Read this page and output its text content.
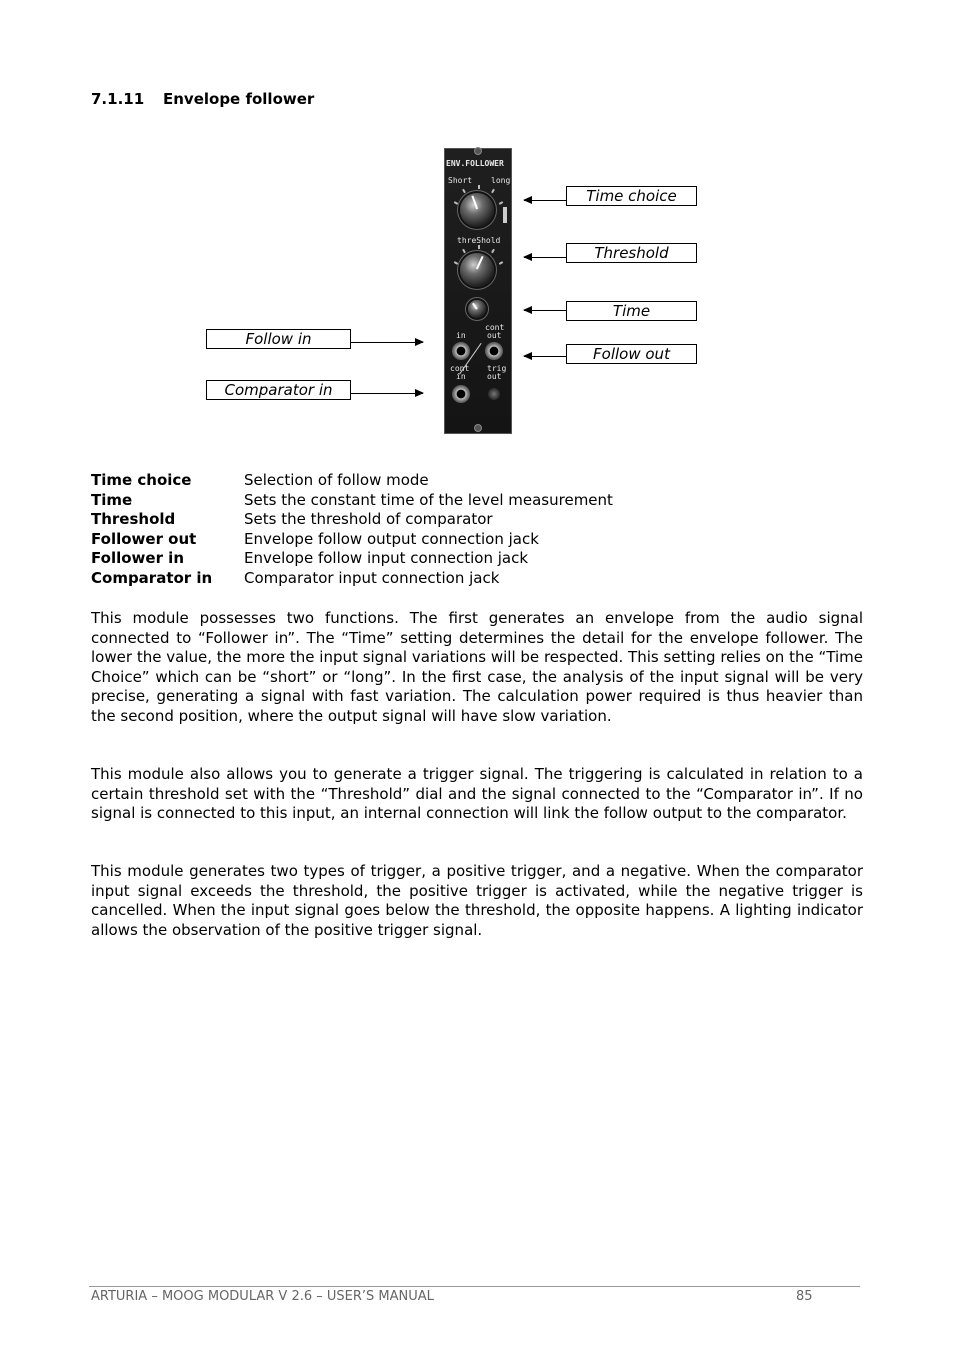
7.1.11 Envelope follower
ENV.FOLLOWER
Short long
threShold
in
cont
out
cont
in
trig
out
Time choice
Threshold
Time
Follow out
Follow in
Comparator in
Time choice	Selection of follow mode
Time	Sets the constant time of the level measurement
Threshold	Sets the threshold of comparator
Follower out	Envelope follow output connection jack
Follower in	Envelope follow input connection jack
Comparator in	Comparator input connection jack

This module possesses two functions. The first generates an envelope from the audio signal connected to “Follower in”. The “Time” setting determines the detail for the envelope follower. The lower the value, the more the input signal variations will be respected. This setting relies on the “Time Choice” which can be “short” or “long”. In the first case, the analysis of the input signal will be very precise, generating a signal with fast variation. The calculation power required is thus heavier than the second position, where the output signal will have slow variation.

This module also allows you to generate a trigger signal. The triggering is calculated in relation to a certain threshold set with the “Threshold” dial and the signal connected to the “Comparator in”. If no signal is connected to this input, an internal connection will link the follow output to the comparator.

This module generates two types of trigger, a positive trigger, and a negative. When the comparator input signal exceeds the threshold, the positive trigger is activated, while the negative trigger is cancelled. When the input signal goes below the threshold, the opposite happens. A lighting indicator allows the observation of the positive trigger signal.

ARTURIA – MOOG MODULAR V 2.6 – USER’S MANUAL	85
